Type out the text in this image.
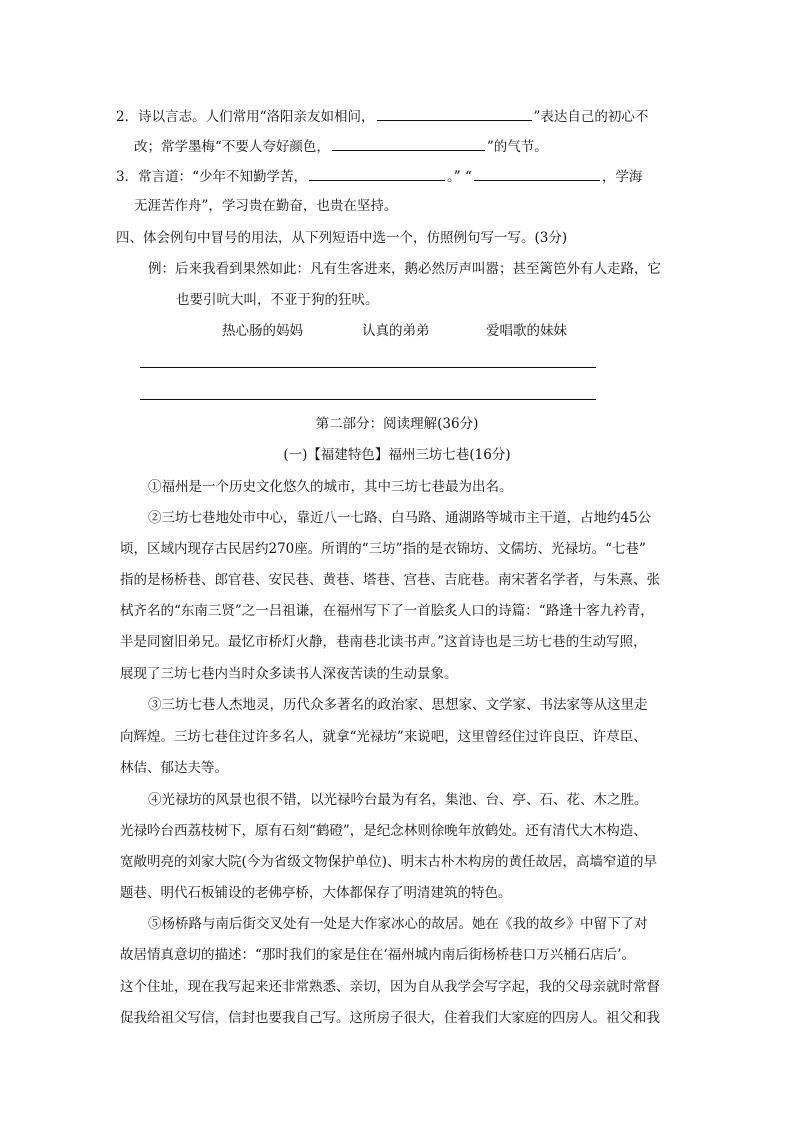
2．诗以言志。人们常用“洛阳亲友如相问，	”表达自己的初心不
改；常学墨梅“不要人夸好颜色，	”的气节。
3．常言道：“少年不知勤学苦，	。” “	，学海
无涯苦作舟”，学习贵在勤奋，也贵在坚持。
四、体会例句中冒号的用法，从下列短语中选一个，仿照例句写一写。(3分)
例：后来我看到果然如此：凡有生客进来，鹅必然厉声叫嚣；甚至篱笆外有人走路，它
也要引吭大叫，不亚于狗的狂吠。
热心肠的妈妈	认真的弟弟	爱唱歌的妹妹
第二部分：阅读理解(36分)
(一)【福建特色】福州三坊七巷(16分)
①福州是一个历史文化悠久的城市，其中三坊七巷最为出名。
②三坊七巷地处市中心，靠近八一七路、白马路、通湖路等城市主干道，占地约45公
顷，区域内现存古民居约270座。所谓的“三坊”指的是衣锦坊、文儒坊、光禄坊。“七巷”
指的是杨桥巷、郎官巷、安民巷、黄巷、塔巷、宫巷、吉庇巷。南宋著名学者，与朱熹、张
栻齐名的“东南三贤”之一吕祖谦，在福州写下了一首脍炙人口的诗篇：“路逢十客九衿青，
半是同窗旧弟兄。最忆市桥灯火静，巷南巷北读书声。”这首诗也是三坊七巷的生动写照，
展现了三坊七巷内当时众多读书人深夜苦读的生动景象。
③三坊七巷人杰地灵，历代众多著名的政治家、思想家、文学家、书法家等从这里走
向辉煌。三坊七巷住过许多名人，就拿“光禄坊”来说吧，这里曾经住过许良臣、许荩臣、
林佶、郁达夫等。
④光禄坊的风景也很不错，以光禄吟台最为有名，集池、台、亭、石、花、木之胜。
光禄吟台西荔枝树下，原有石刻“鹤磴”，是纪念林则徐晚年放鹤处。还有清代大木构造、
宽敞明亮的刘家大院(今为省级文物保护单位)、明末古朴木构房的黄任故居，高墙窄道的早
题巷、明代石板铺设的老佛亭桥，大体都保存了明清建筑的特色。
⑤杨桥路与南后街交叉处有一处是大作家冰心的故居。她在《我的故乡》中留下了对
故居情真意切的描述：“那时我们的家是住在‘福州城内南后街杨桥巷口万兴桶石店后’。
这个住址，现在我写起来还非常熟悉、亲切，因为自从我学会写字起，我的父母亲就时常督
促我给祖父写信，信封也要我自己写。这所房子很大，住着我们大家庭的四房人。祖父和我
